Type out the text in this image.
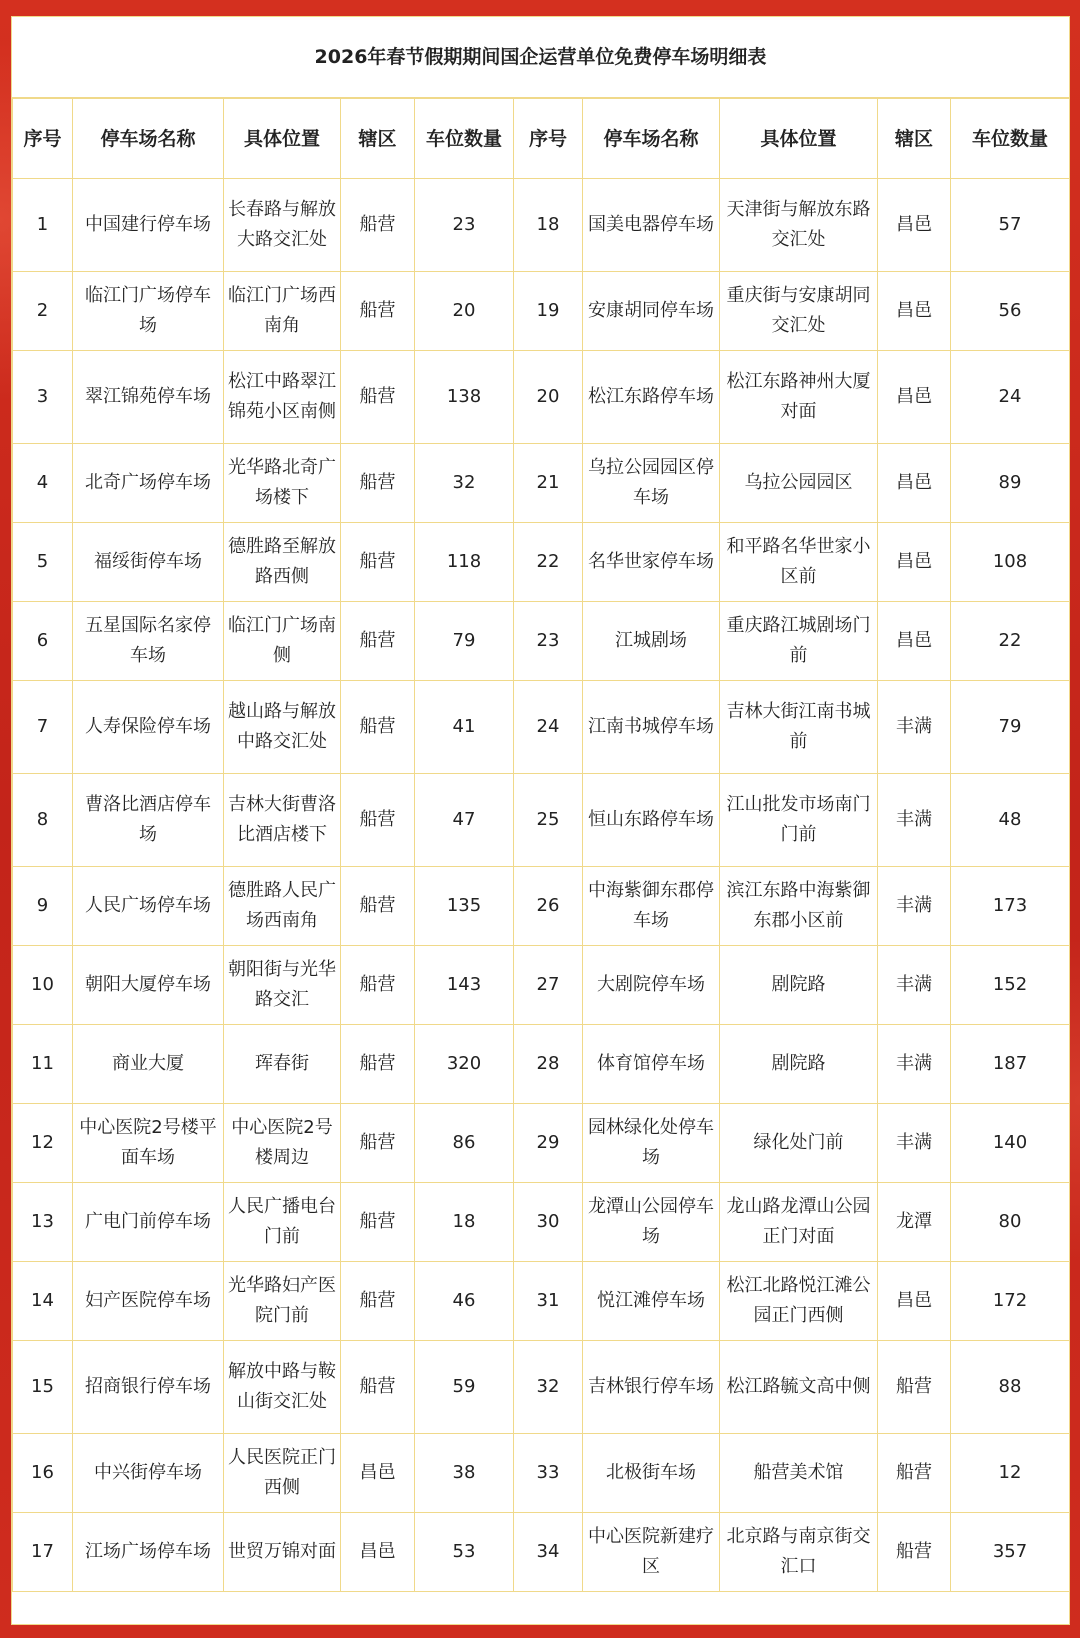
2026年春节假期期间国企运营单位免费停车场明细表
序号	停车场名称	具体位置	辖区	车位数量	序号	停车场名称	具体位置	辖区	车位数量
1	中国建行停车场	长春路与解放大路交汇处	船营	23	18	国美电器停车场	天津街与解放东路交汇处	昌邑	57
2	临江门广场停车场	临江门广场西南角	船营	20	19	安康胡同停车场	重庆街与安康胡同交汇处	昌邑	56
3	翠江锦苑停车场	松江中路翠江锦苑小区南侧	船营	138	20	松江东路停车场	松江东路神州大厦对面	昌邑	24
4	北奇广场停车场	光华路北奇广场楼下	船营	32	21	乌拉公园园区停车场	乌拉公园园区	昌邑	89
5	福绥街停车场	德胜路至解放路西侧	船营	118	22	名华世家停车场	和平路名华世家小区前	昌邑	108
6	五星国际名家停车场	临江门广场南侧	船营	79	23	江城剧场	重庆路江城剧场门前	昌邑	22
7	人寿保险停车场	越山路与解放中路交汇处	船营	41	24	江南书城停车场	吉林大街江南书城前	丰满	79
8	曹洛比酒店停车场	吉林大街曹洛比酒店楼下	船营	47	25	恒山东路停车场	江山批发市场南门门前	丰满	48
9	人民广场停车场	德胜路人民广场西南角	船营	135	26	中海紫御东郡停车场	滨江东路中海紫御东郡小区前	丰满	173
10	朝阳大厦停车场	朝阳街与光华路交汇	船营	143	27	大剧院停车场	剧院路	丰满	152
11	商业大厦	珲春街	船营	320	28	体育馆停车场	剧院路	丰满	187
12	中心医院2号楼平面车场	中心医院2号楼周边	船营	86	29	园林绿化处停车场	绿化处门前	丰满	140
13	广电门前停车场	人民广播电台门前	船营	18	30	龙潭山公园停车场	龙山路龙潭山公园正门对面	龙潭	80
14	妇产医院停车场	光华路妇产医院门前	船营	46	31	悦江滩停车场	松江北路悦江滩公园正门西侧	昌邑	172
15	招商银行停车场	解放中路与鞍山街交汇处	船营	59	32	吉林银行停车场	松江路毓文高中侧	船营	88
16	中兴街停车场	人民医院正门西侧	昌邑	38	33	北极街车场	船营美术馆	船营	12
17	江场广场停车场	世贸万锦对面	昌邑	53	34	中心医院新建疗区	北京路与南京街交汇口	船营	357
